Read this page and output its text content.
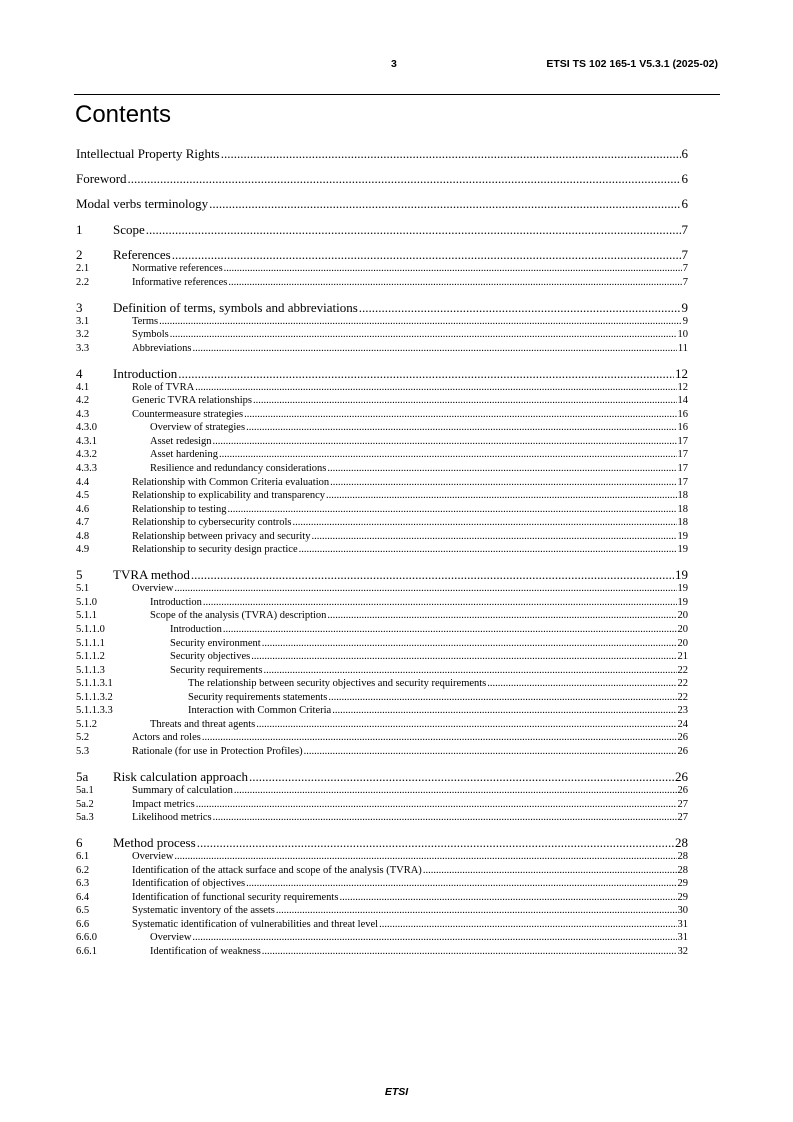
3	ETSI TS 102 165-1 V5.3.1 (2025-02)
Contents
Intellectual Property Rights .....	6
Foreword .....	6
Modal verbs terminology .....	6
1 Scope .....	7
2 References .....	7
2.1	Normative references .....	7
2.2	Informative references .....	7
3 Definition of terms, symbols and abbreviations .....	9
3.1	Terms .....	9
3.2	Symbols .....	10
3.3	Abbreviations .....	11
4 Introduction .....	12
4.1	Role of TVRA .....	12
4.2	Generic TVRA relationships .....	14
4.3	Countermeasure strategies .....	16
4.3.0	Overview of strategies .....	16
4.3.1	Asset redesign .....	17
4.3.2	Asset hardening .....	17
4.3.3	Resilience and redundancy considerations .....	17
4.4	Relationship with Common Criteria evaluation .....	17
4.5	Relationship to explicability and transparency .....	18
4.6	Relationship to testing .....	18
4.7	Relationship to cybersecurity controls .....	18
4.8	Relationship between privacy and security .....	19
4.9	Relationship to security design practice .....	19
5 TVRA method .....	19
5.1	Overview .....	19
5.1.0	Introduction .....	19
5.1.1	Scope of the analysis (TVRA) description .....	20
5.1.1.0	Introduction .....	20
5.1.1.1	Security environment .....	20
5.1.1.2	Security objectives .....	21
5.1.1.3	Security requirements .....	22
5.1.1.3.1	The relationship between security objectives and security requirements .....	22
5.1.1.3.2	Security requirements statements .....	22
5.1.1.3.3	Interaction with Common Criteria .....	23
5.1.2	Threats and threat agents .....	24
5.2	Actors and roles .....	26
5.3	Rationale (for use in Protection Profiles) .....	26
5a Risk calculation approach .....	26
5a.1	Summary of calculation .....	26
5a.2	Impact metrics .....	27
5a.3	Likelihood metrics .....	27
6 Method process .....	28
6.1	Overview .....	28
6.2	Identification of the attack surface and scope of the analysis (TVRA) .....	28
6.3	Identification of objectives .....	29
6.4	Identification of functional security requirements .....	29
6.5	Systematic inventory of the assets .....	30
6.6	Systematic identification of vulnerabilities and threat level .....	31
6.6.0	Overview .....	31
6.6.1	Identification of weakness .....	32
ETSI
